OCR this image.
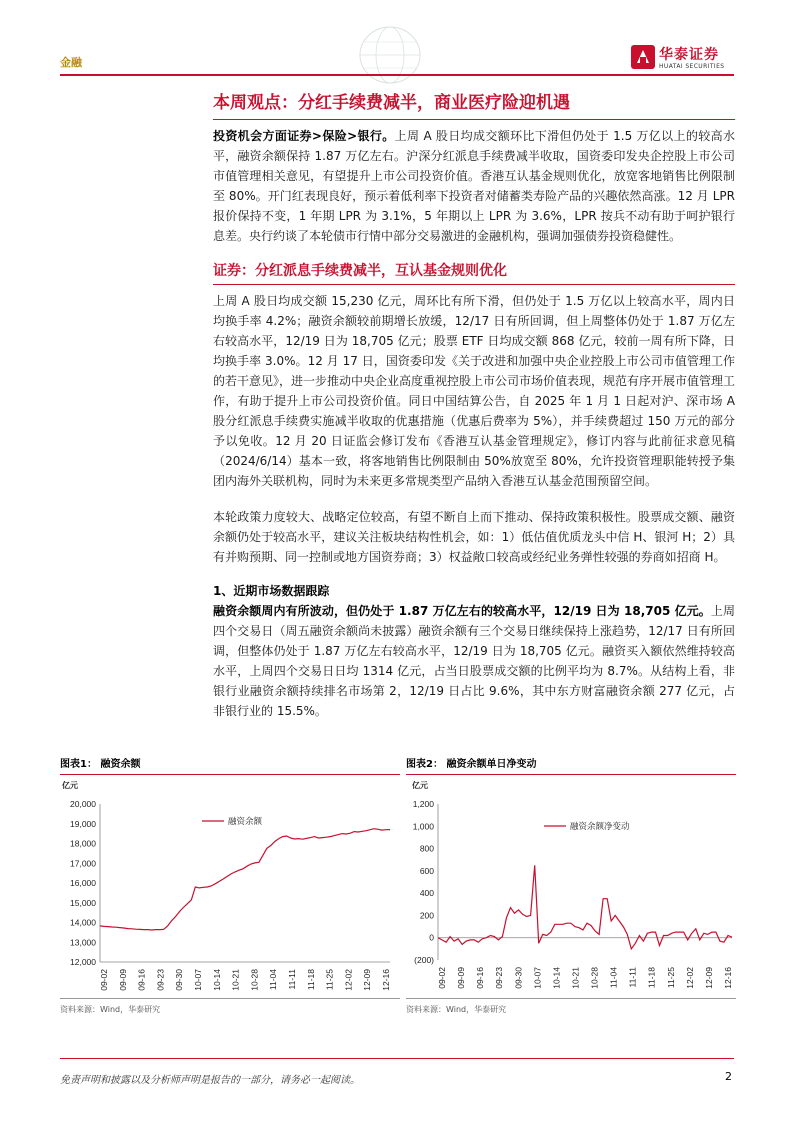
金融	华泰证券
HUATAI SECURITIES
本周观点：分红手续费减半，商业医疗险迎机遇

投资机会方面证券>保险>银行。上周 A 股日均成交额环比下滑但仍处于 1.5 万亿以上的较高水平，融资余额保持 1.87 万亿左右。沪深分红派息手续费减半收取，国资委印发央企控股上市公司市值管理相关意见，有望提升上市公司投资价值。香港互认基金规则优化，放宽客地销售比例限制至 80%。开门红表现良好，预示着低利率下投资者对储蓄类寿险产品的兴趣依然高涨。12 月 LPR 报价保持不变，1 年期 LPR 为 3.1%，5 年期以上 LPR 为 3.6%，LPR 按兵不动有助于呵护银行息差。央行约谈了本轮债市行情中部分交易激进的金融机构，强调加强债券投资稳健性。

证券：分红派息手续费减半，互认基金规则优化

上周 A 股日均成交额 15,230 亿元，周环比有所下滑，但仍处于 1.5 万亿以上较高水平，周内日均换手率 4.2%；融资余额较前期增长放缓，12/17 日有所回调，但上周整体仍处于 1.87 万亿左右较高水平，12/19 日为 18,705 亿元；股票 ETF 日均成交额 868 亿元，较前一周有所下降，日均换手率 3.0%。12 月 17 日，国资委印发《关于改进和加强中央企业控股上市公司市值管理工作的若干意见》，进一步推动中央企业高度重视控股上市公司市场价值表现，规范有序开展市值管理工作，有助于提升上市公司投资价值。同日中国结算公告，自 2025 年 1 月 1 日起对沪、深市场 A 股分红派息手续费实施减半收取的优惠措施（优惠后费率为 5%），并手续费超过 150 万元的部分予以免收。12 月 20 日证监会修订发布《香港互认基金管理规定》，修订内容与此前征求意见稿（2024/6/14）基本一致，将客地销售比例限制由 50%放宽至 80%，允许投资管理职能转授予集团内海外关联机构，同时为未来更多常规类型产品纳入香港互认基金范围预留空间。

本轮政策力度较大、战略定位较高，有望不断自上而下推动、保持政策积极性。股票成交额、融资余额仍处于较高水平，建议关注板块结构性机会，如：1）低估值优质龙头中信 H、银河 H；2）具有并购预期、同一控制或地方国资券商；3）权益敞口较高或经纪业务弹性较强的券商如招商 H。

1、近期市场数据跟踪

融资余额周内有所波动，但仍处于 1.87 万亿左右的较高水平，12/19 日为 18,705 亿元。上周四个交易日（周五融资余额尚未披露）融资余额有三个交易日继续保持上涨趋势，12/17 日有所回调，但整体仍处于 1.87 万亿左右较高水平，12/19 日为 18,705 亿元。融资买入额依然维持较高水平，上周四个交易日日均 1314 亿元，占当日股票成交额的比例平均为 8.7%。从结构上看，非银行业融资余额持续排名市场第 2，12/19 日占比 9.6%，其中东方财富融资余额 277 亿元，占非银行业的 15.5%。

图表1： 融资余额
亿元
20,000
19,000
18,000
17,000
16,000
15,000
14,000
13,000
12,000
09-02 09-09 09-16 09-23 09-30 10-07 10-14 10-21 10-28 11-04 11-11 11-18 11-25 12-02 12-09 12-16
融资余额
资料来源：Wind，华泰研究
图表2： 融资余额单日净变动
亿元
1,200
1,000
800
600
400
200
0
(200)
09-02 09-09 09-16 09-23 09-30 10-07 10-14 10-21 10-28 11-04 11-11 11-18 11-25 12-02 12-09 12-16
融资余额净变动
资料来源：Wind，华泰研究
免责声明和披露以及分析师声明是报告的一部分，请务必一起阅读。	2
